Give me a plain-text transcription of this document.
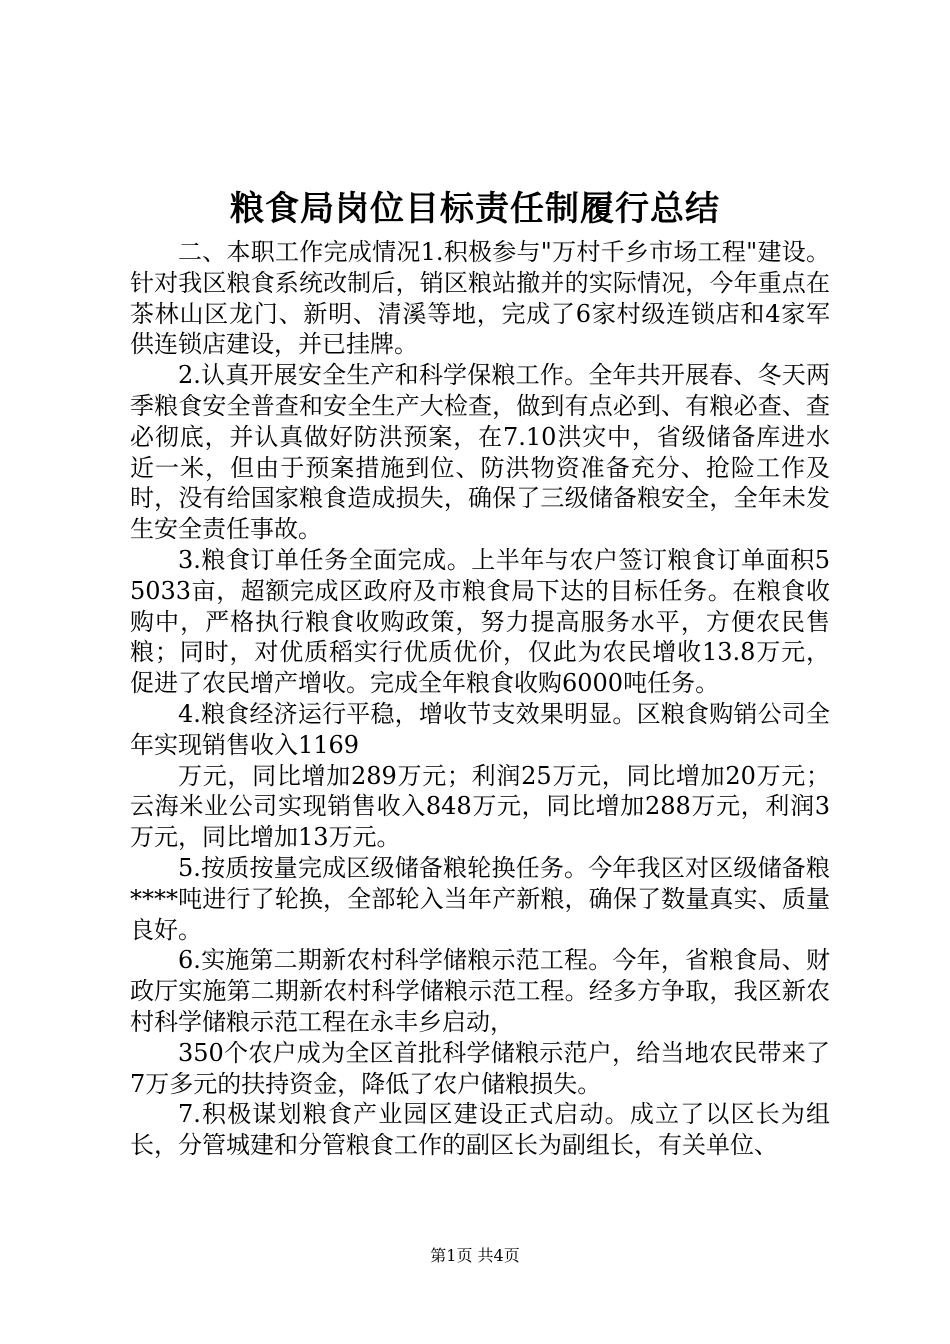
粮食局岗位目标责任制履行总结

二、本职工作完成情况1.积极参与"万村千乡市场工程"建设。针对我区粮食系统改制后，销区粮站撤并的实际情况，今年重点在茶林山区龙门、新明、清溪等地，完成了6家村级连锁店和4家军供连锁店建设，并已挂牌。

2.认真开展安全生产和科学保粮工作。全年共开展春、冬天两季粮食安全普查和安全生产大检查，做到有点必到、有粮必查、查必彻底，并认真做好防洪预案，在7.10洪灾中，省级储备库进水近一米，但由于预案措施到位、防洪物资准备充分、抢险工作及时，没有给国家粮食造成损失，确保了三级储备粮安全，全年未发生安全责任事故。

3.粮食订单任务全面完成。上半年与农户签订粮食订单面积55033亩，超额完成区政府及市粮食局下达的目标任务。在粮食收购中，严格执行粮食收购政策，努力提高服务水平，方便农民售粮；同时，对优质稻实行优质优价，仅此为农民增收13.8万元，促进了农民增产增收。完成全年粮食收购6000吨任务。

4.粮食经济运行平稳，增收节支效果明显。区粮食购销公司全年实现销售收入1169

万元，同比增加289万元；利润25万元，同比增加20万元；云海米业公司实现销售收入848万元，同比增加288万元，利润3万元，同比增加13万元。

5.按质按量完成区级储备粮轮换任务。今年我区对区级储备粮****吨进行了轮换，全部轮入当年产新粮，确保了数量真实、质量良好。

6.实施第二期新农村科学储粮示范工程。今年，省粮食局、财政厅实施第二期新农村科学储粮示范工程。经多方争取，我区新农村科学储粮示范工程在永丰乡启动，

350个农户成为全区首批科学储粮示范户，给当地农民带来了7万多元的扶持资金，降低了农户储粮损失。

7.积极谋划粮食产业园区建设正式启动。成立了以区长为组长，分管城建和分管粮食工作的副区长为副组长，有关单位、

第1页 共4页
